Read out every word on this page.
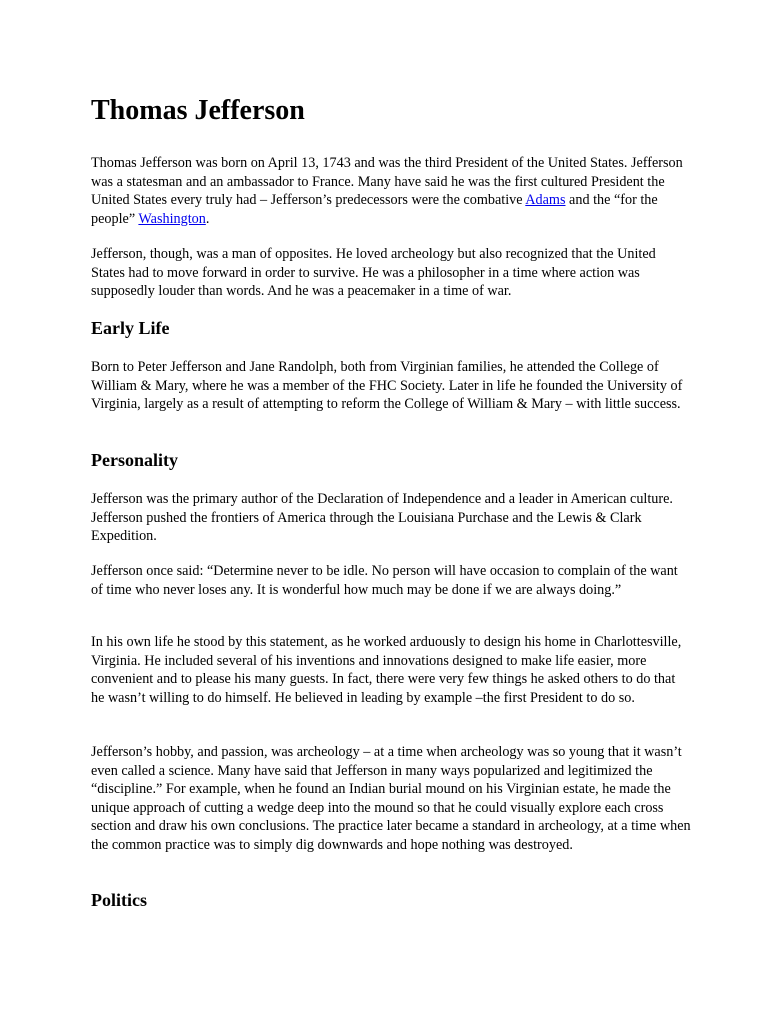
Thomas Jefferson

Thomas Jefferson was born on April 13, 1743 and was the third President of the United States. Jefferson was a statesman and an ambassador to France. Many have said he was the first cultured President the United States every truly had – Jefferson’s predecessors were the combative Adams and the “for the people” Washington.

Jefferson, though, was a man of opposites. He loved archeology but also recognized that the United States had to move forward in order to survive. He was a philosopher in a time where action was supposedly louder than words. And he was a peacemaker in a time of war.

Early Life

Born to Peter Jefferson and Jane Randolph, both from Virginian families, he attended the College of William & Mary, where he was a member of the FHC Society. Later in life he founded the University of Virginia, largely as a result of attempting to reform the College of William & Mary – with little success.

Personality

Jefferson was the primary author of the Declaration of Independence and a leader in American culture. Jefferson pushed the frontiers of America through the Louisiana Purchase and the Lewis & Clark Expedition.

Jefferson once said: “Determine never to be idle. No person will have occasion to complain of the want of time who never loses any. It is wonderful how much may be done if we are always doing.”

In his own life he stood by this statement, as he worked arduously to design his home in Charlottesville, Virginia. He included several of his inventions and innovations designed to make life easier, more convenient and to please his many guests. In fact, there were very few things he asked others to do that he wasn’t willing to do himself. He believed in leading by example –the first President to do so.

Jefferson’s hobby, and passion, was archeology – at a time when archeology was so young that it wasn’t even called a science. Many have said that Jefferson in many ways popularized and legitimized the “discipline.” For example, when he found an Indian burial mound on his Virginian estate, he made the unique approach of cutting a wedge deep into the mound so that he could visually explore each cross section and draw his own conclusions. The practice later became a standard in archeology, at a time when the common practice was to simply dig downwards and hope nothing was destroyed.

Politics
